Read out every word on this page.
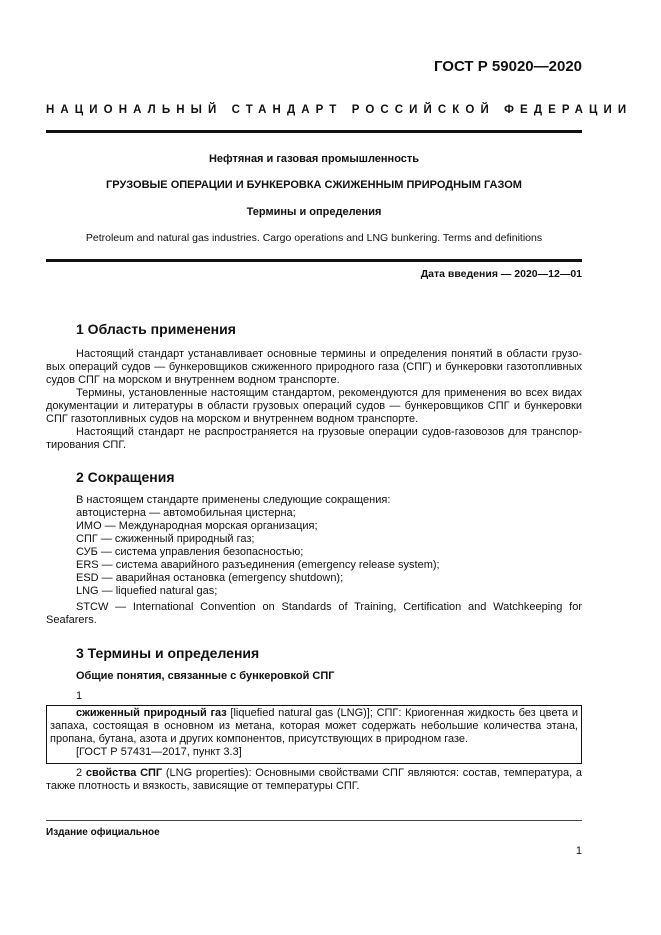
ГОСТ Р 59020—2020
НАЦИОНАЛЬНЫЙ СТАНДАРТ РОССИЙСКОЙ ФЕДЕРАЦИИ
Нефтяная и газовая промышленность
ГРУЗОВЫЕ ОПЕРАЦИИ И БУНКЕРОВКА СЖИЖЕННЫМ ПРИРОДНЫМ ГАЗОМ
Термины и определения
Petroleum and natural gas industries. Cargo operations and LNG bunkering. Terms and definitions
Дата введения — 2020—12—01
1 Область применения
Настоящий стандарт устанавливает основные термины и определения понятий в области грузо-вых операций судов — бункеровщиков сжиженного природного газа (СПГ) и бункеровки газотопливных судов СПГ на морском и внутреннем водном транспорте.
Термины, установленные настоящим стандартом, рекомендуются для применения во всех видах документации и литературы в области грузовых операций судов — бункеровщиков СПГ и бункеровки СПГ газотопливных судов на морском и внутреннем водном транспорте.
Настоящий стандарт не распространяется на грузовые операции судов-газовозов для транспор-тирования СПГ.
2 Сокращения
В настоящем стандарте применены следующие сокращения:
автоцистерна — автомобильная цистерна;
ИМО — Международная морская организация;
СПГ — сжиженный природный газ;
СУБ — система управления безопасностью;
ERS — система аварийного разъединения (emergency release system);
ESD — аварийная остановка (emergency shutdown);
LNG — liquefied natural gas;
STCW — International Convention on Standards of Training, Certification and Watchkeeping for
Seafarers.
3 Термины и определения
Общие понятия, связанные с бункеровкой СПГ
1
сжиженный природный газ [liquefied natural gas (LNG)]; СПГ: Криогенная жидкость без цвета и запаха, состоящая в основном из метана, которая может содержать небольшие количества этана, пропана, бутана, азота и других компонентов, присутствующих в природном газе.
[ГОСТ Р 57431—2017, пункт 3.3]
2 свойства СПГ (LNG properties): Основными свойствами СПГ являются: состав, температура, а также плотность и вязкость, зависящие от температуры СПГ.
Издание официальное
1
